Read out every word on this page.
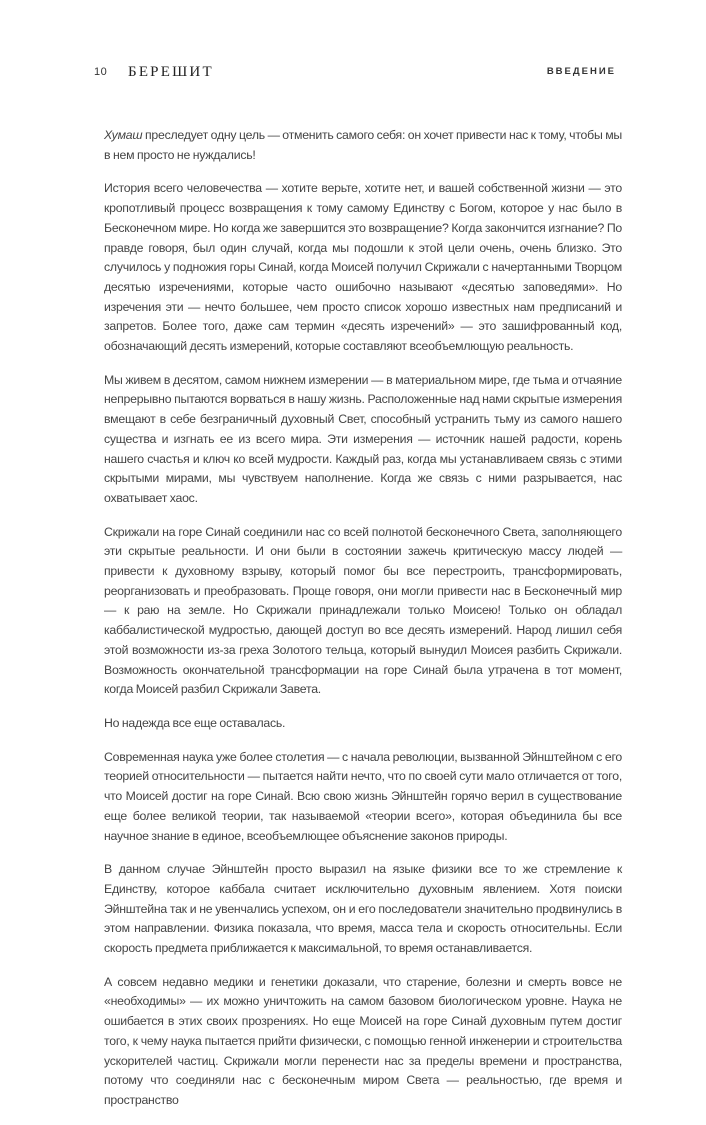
10 БЕРЕШИТ	ВВЕДЕНИЕ

Хумаш преследует одну цель — отменить самого себя: он хочет привести нас к тому, чтобы мы в нем просто не нуждались!

История всего человечества — хотите верьте, хотите нет, и вашей собственной жизни — это кропотливый процесс возвращения к тому самому Единству с Богом, которое у нас было в Бесконечном мире. Но когда же завершится это возвращение? Когда закончится изгнание? По правде говоря, был один случай, когда мы подошли к этой цели очень, очень близко. Это случилось у подножия горы Синай, когда Моисей получил Скрижали с начертанными Творцом десятью изречениями, которые часто ошибочно называют «десятью заповедями». Но изречения эти — нечто большее, чем просто список хорошо известных нам предписаний и запретов. Более того, даже сам термин «десять изречений» — это зашифрованный код, обозначающий десять измерений, которые составляют всеобъемлющую реальность.

Мы живем в десятом, самом нижнем измерении — в материальном мире, где тьма и отчаяние непрерывно пытаются ворваться в нашу жизнь. Расположенные над нами скрытые измерения вмещают в себе безграничный духовный Свет, способный устранить тьму из самого нашего существа и изгнать ее из всего мира. Эти измерения — источник нашей радости, корень нашего счастья и ключ ко всей мудрости. Каждый раз, когда мы устанавливаем связь с этими скрытыми мирами, мы чувствуем наполнение. Когда же связь с ними разрывается, нас охватывает хаос.

Скрижали на горе Синай соединили нас со всей полнотой бесконечного Света, заполняющего эти скрытые реальности. И они были в состоянии зажечь критическую массу людей — привести к духовному взрыву, который помог бы все перестроить, трансформировать, реорганизовать и преобразовать. Проще говоря, они могли привести нас в Бесконечный мир — к раю на земле. Но Скрижали принадлежали только Моисею! Только он обладал каббалистической мудростью, дающей доступ во все десять измерений. Народ лишил себя этой возможности из-за греха Золотого тельца, который вынудил Моисея разбить Скрижали. Возможность окончательной трансформации на горе Синай была утрачена в тот момент, когда Моисей разбил Скрижали Завета.

Но надежда все еще оставалась.

Современная наука уже более столетия — с начала революции, вызванной Эйнштейном с его теорией относительности — пытается найти нечто, что по своей сути мало отличается от того, что Моисей достиг на горе Синай. Всю свою жизнь Эйнштейн горячо верил в существование еще более великой теории, так называемой «теории всего», которая объединила бы все научное знание в единое, всеобъемлющее объяснение законов природы.

В данном случае Эйнштейн просто выразил на языке физики все то же стремление к Единству, которое каббала считает исключительно духовным явлением. Хотя поиски Эйнштейна так и не увенчались успехом, он и его последователи значительно продвинулись в этом направлении. Физика показала, что время, масса тела и скорость относительны. Если скорость предмета приближается к максимальной, то время останавливается.

А совсем недавно медики и генетики доказали, что старение, болезни и смерть вовсе не «необходимы» — их можно уничтожить на самом базовом биологическом уровне. Наука не ошибается в этих своих прозрениях. Но еще Моисей на горе Синай духовным путем достиг того, к чему наука пытается прийти физически, с помощью генной инженерии и строительства ускорителей частиц. Скрижали могли перенести нас за пределы времени и пространства, потому что соединяли нас с бесконечным миром Света — реальностью, где время и пространство
